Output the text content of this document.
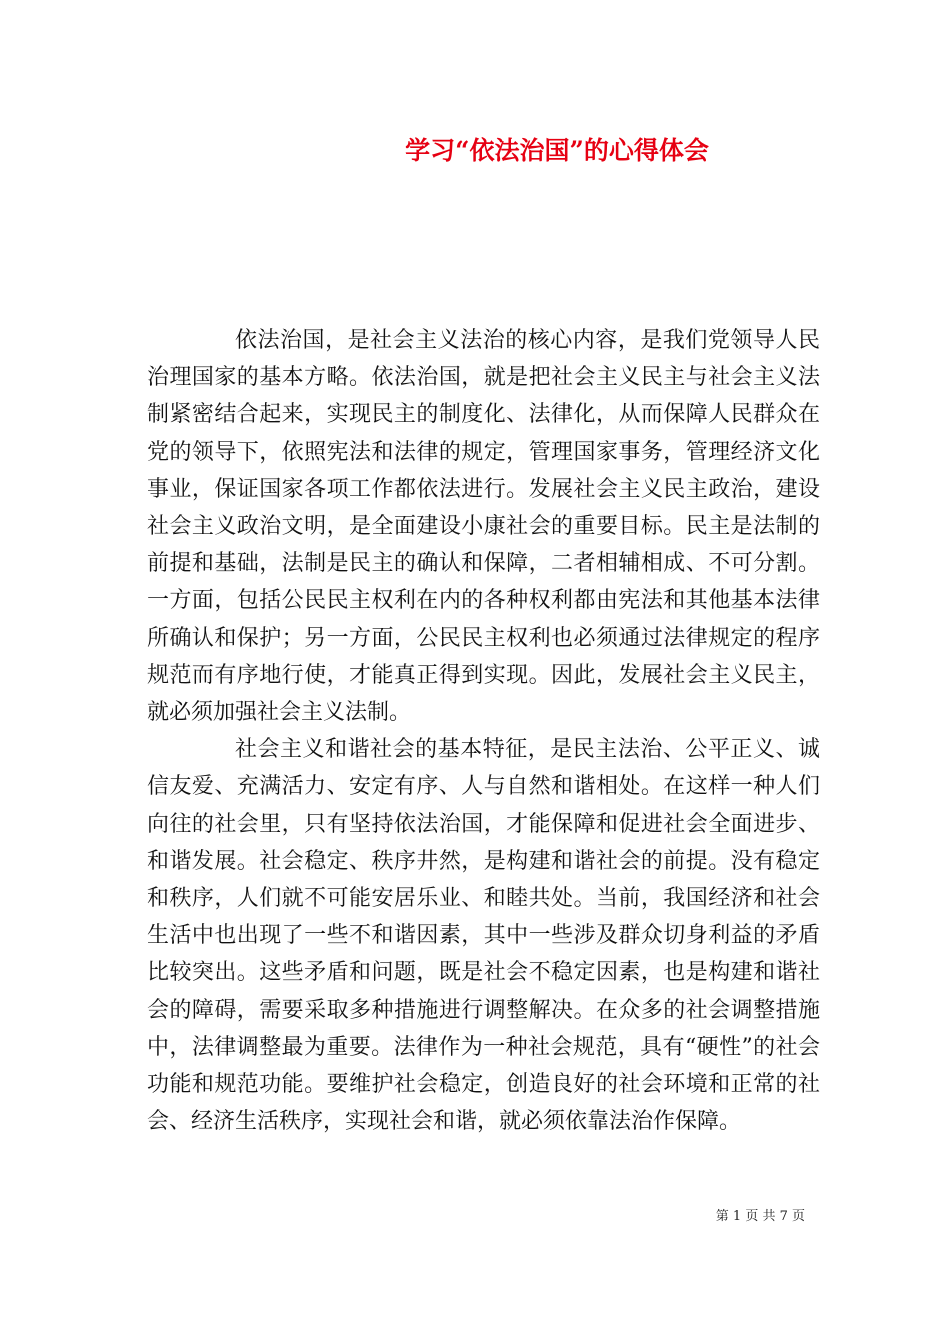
学习“依法治国”的心得体会

依法治国，是社会主义法治的核心内容，是我们党领导人民治理国家的基本方略。依法治国，就是把社会主义民主与社会主义法制紧密结合起来，实现民主的制度化、法律化，从而保障人民群众在党的领导下，依照宪法和法律的规定，管理国家事务，管理经济文化事业，保证国家各项工作都依法进行。发展社会主义民主政治，建设社会主义政治文明，是全面建设小康社会的重要目标。民主是法制的前提和基础，法制是民主的确认和保障，二者相辅相成、不可分割。一方面，包括公民民主权利在内的各种权利都由宪法和其他基本法律所确认和保护；另一方面，公民民主权利也必须通过法律规定的程序规范而有序地行使，才能真正得到实现。因此，发展社会主义民主，就必须加强社会主义法制。

社会主义和谐社会的基本特征，是民主法治、公平正义、诚信友爱、充满活力、安定有序、人与自然和谐相处。在这样一种人们向往的社会里，只有坚持依法治国，才能保障和促进社会全面进步、和谐发展。社会稳定、秩序井然，是构建和谐社会的前提。没有稳定和秩序，人们就不可能安居乐业、和睦共处。当前，我国经济和社会生活中也出现了一些不和谐因素，其中一些涉及群众切身利益的矛盾比较突出。这些矛盾和问题，既是社会不稳定因素，也是构建和谐社会的障碍，需要采取多种措施进行调整解决。在众多的社会调整措施中，法律调整最为重要。法律作为一种社会规范，具有“硬性”的社会功能和规范功能。要维护社会稳定，创造良好的社会环境和正常的社会、经济生活秩序，实现社会和谐，就必须依靠法治作保障。

第 1 页 共 7 页
